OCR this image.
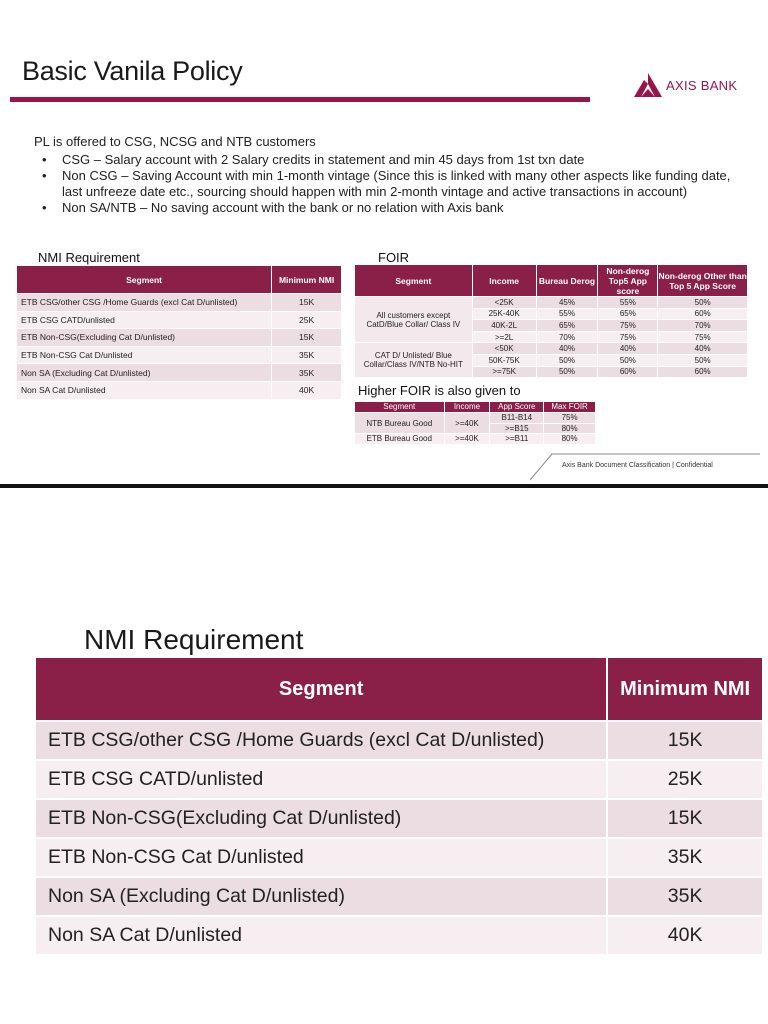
Basic Vanila Policy	AXIS BANK
PL is offered to CSG, NCSG and NTB customers
• CSG – Salary account with 2 Salary credits in statement and min 45 days from 1st txn date
• Non CSG – Saving Account with min 1-month vintage (Since this is linked with many other aspects like funding date, last unfreeze date etc., sourcing should happen with min 2-month vintage and active transactions in account)
• Non SA/NTB – No saving account with the bank or no relation with Axis bank
NMI Requirement	FOIR
Segment	Minimum NMI
ETB CSG/other CSG /Home Guards (excl Cat D/unlisted)	15K
ETB CSG CATD/unlisted	25K
ETB Non-CSG(Excluding Cat D/unlisted)	15K
ETB Non-CSG Cat D/unlisted	35K
Non SA (Excluding Cat D/unlisted)	35K
Non SA Cat D/unlisted	40K
Segment	Income	Bureau Derog	Non-derog Top5 App score	Non-derog Other than Top 5 App Score
All customers except CatD/Blue Collar/ Class IV	<25K	45%	55%	50%
	25K-40K	55%	65%	60%
	40K-2L	65%	75%	70%
	>=2L	70%	75%	75%
CAT D/ Unlisted/ Blue Collar/Class IV/NTB No-HIT	<50K	40%	40%	40%
	50K-75K	50%	50%	50%
	>=75K	50%	60%	60%
Higher FOIR is also given to
Segment	Income	App Score	Max FOIR
NTB Bureau Good	>=40K	B11-B14	75%
		>=B15	80%
ETB Bureau Good	>=40K	>=B11	80%
Axis Bank Document Classification | Confidential
NMI Requirement
Segment	Minimum NMI
ETB CSG/other CSG /Home Guards (excl Cat D/unlisted)	15K
ETB CSG CATD/unlisted	25K
ETB Non-CSG(Excluding Cat D/unlisted)	15K
ETB Non-CSG Cat D/unlisted	35K
Non SA (Excluding Cat D/unlisted)	35K
Non SA Cat D/unlisted	40K
